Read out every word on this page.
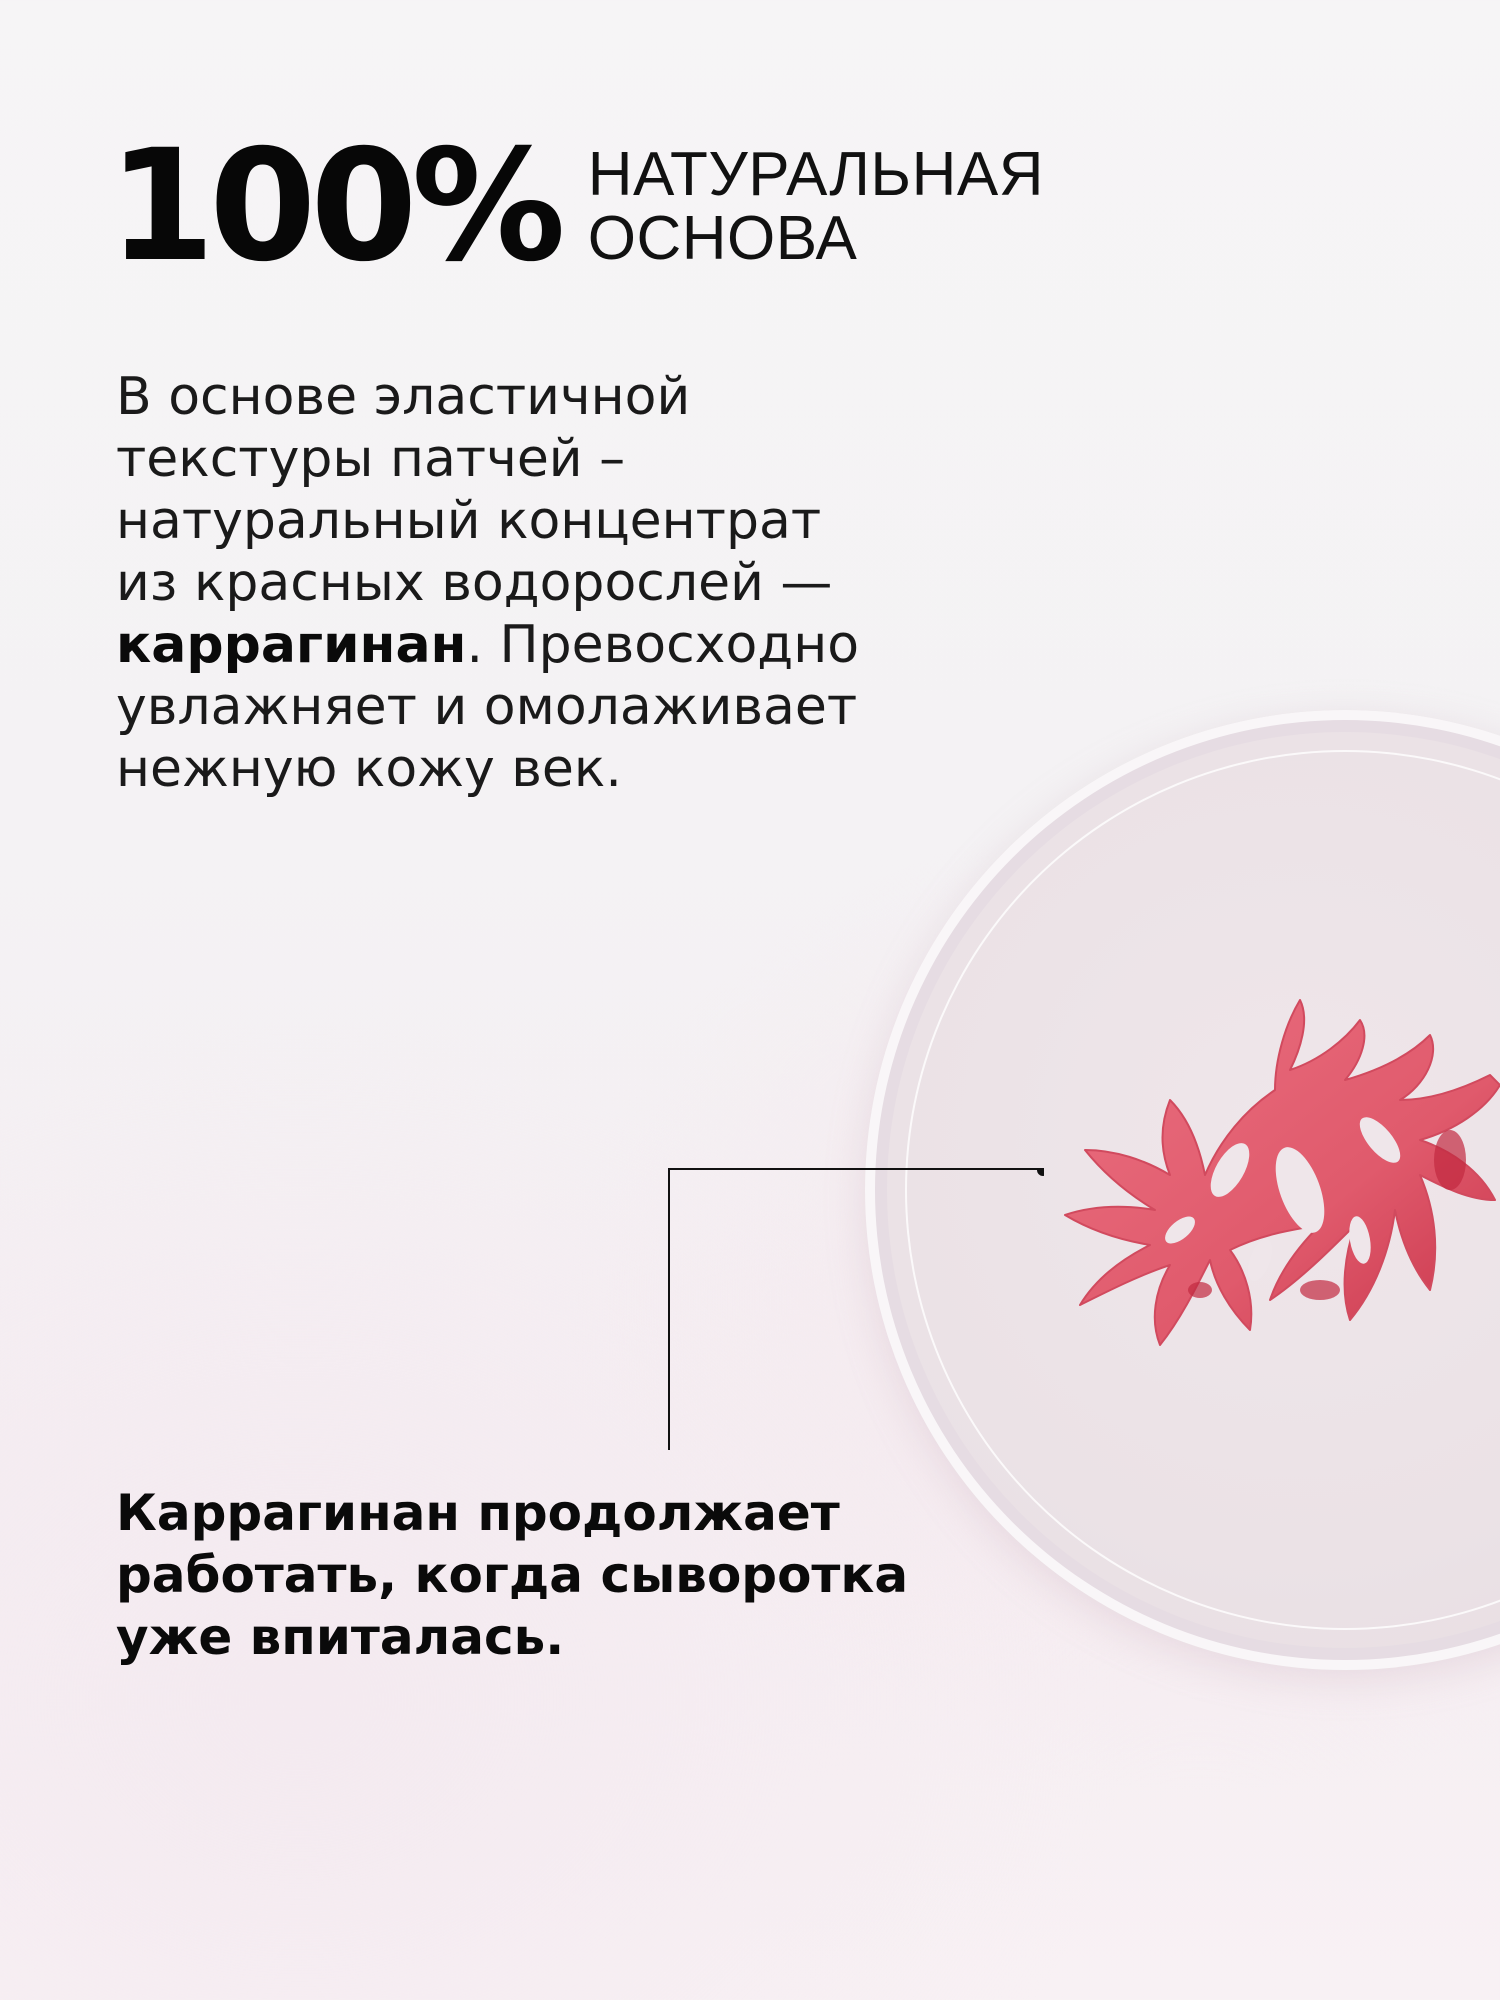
100% НАТУРАЛЬНАЯ
ОСНОВА
В основе эластичной
текстуры патчей –
натуральный концентрат
из красных водорослей —
каррагинан. Превосходно
увлажняет и омолаживает
нежную кожу век.
Каррагинан продолжает
работать, когда сыворотка
уже впиталась.
